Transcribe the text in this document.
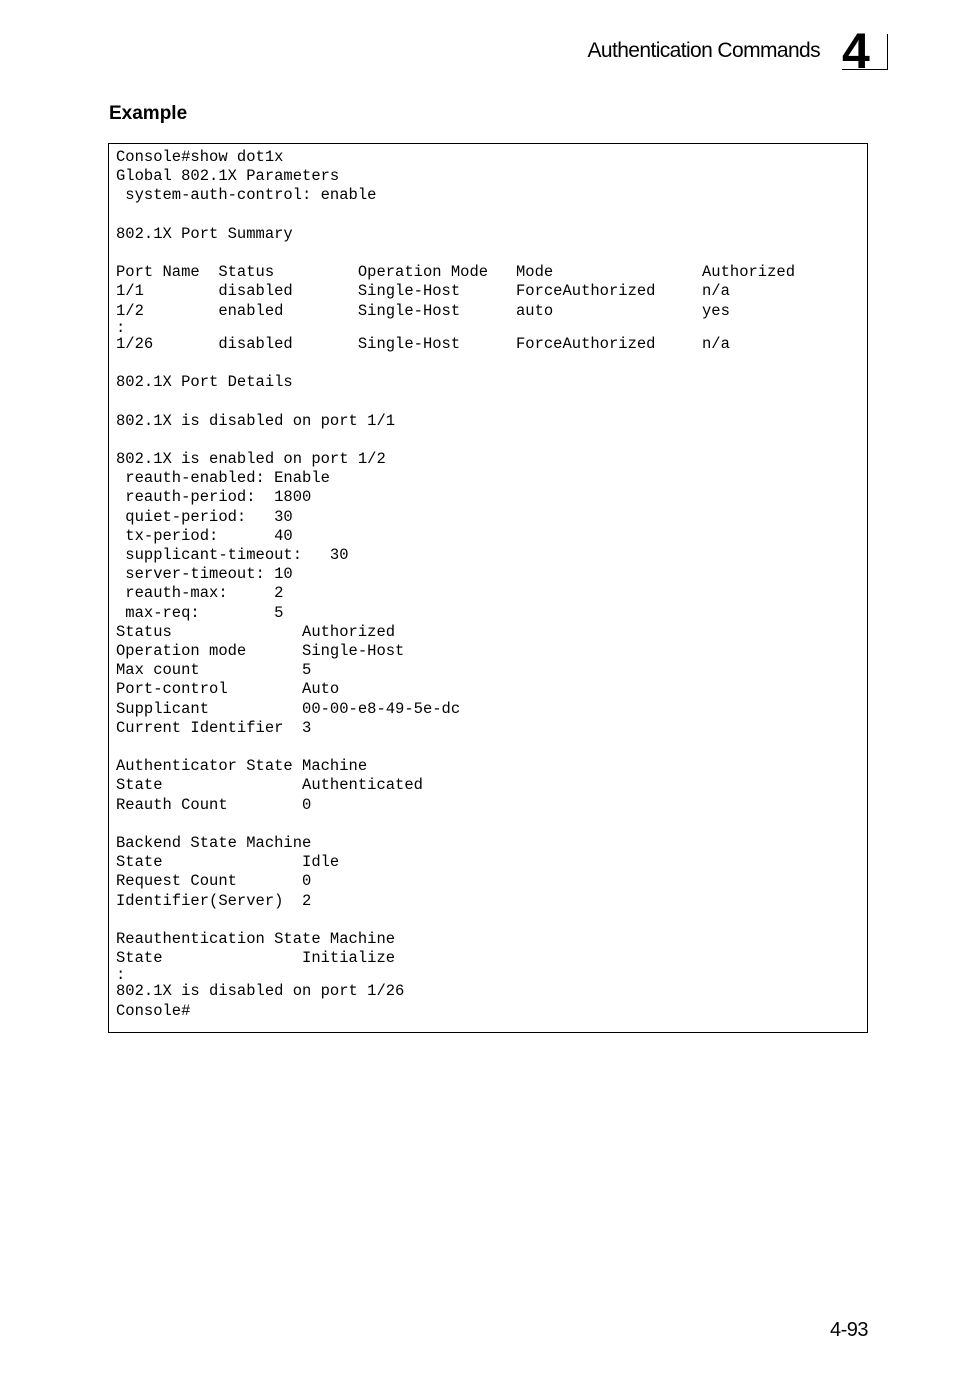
Authentication Commands 4
Example
Console#show dot1x
Global 802.1X Parameters
system-auth-control: enable
802.1X Port Summary
Port Name  Status         Operation Mode   Mode                Authorized
1/1        disabled       Single-Host      ForceAuthorized     n/a
1/2        enabled        Single-Host      auto                yes
:
1/26       disabled       Single-Host      ForceAuthorized     n/a
802.1X Port Details
802.1X is disabled on port 1/1
802.1X is enabled on port 1/2
reauth-enabled: Enable
reauth-period:  1800
quiet-period:   30
tx-period:      40
supplicant-timeout:   30
server-timeout: 10
reauth-max:     2
max-req:        5
Status              Authorized
Operation mode      Single-Host
Max count           5
Port-control        Auto
Supplicant          00-00-e8-49-5e-dc
Current Identifier  3
Authenticator State Machine
State               Authenticated
Reauth Count        0
Backend State Machine
State               Idle
Request Count       0
Identifier(Server)  2
Reauthentication State Machine
State               Initialize
:
802.1X is disabled on port 1/26
Console#
4-93
